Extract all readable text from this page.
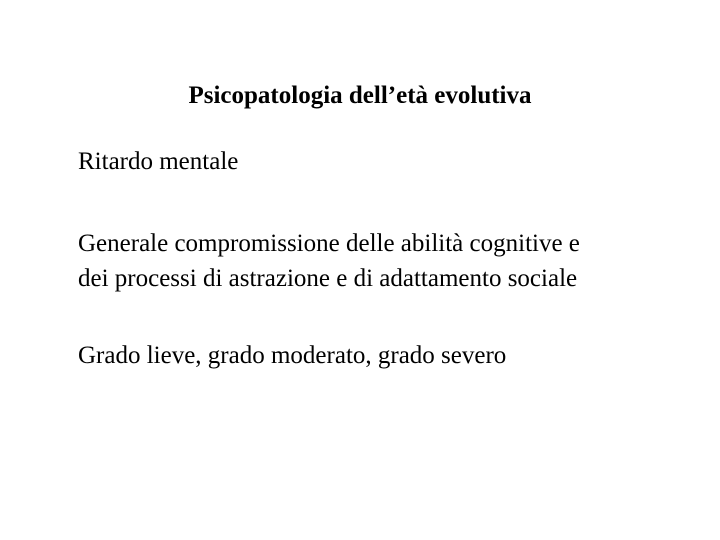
Psicopatologia dell’età evolutiva
Ritardo mentale
Generale compromissione delle abilità cognitive e
dei processi di astrazione e di adattamento sociale
Grado lieve, grado moderato, grado severo
